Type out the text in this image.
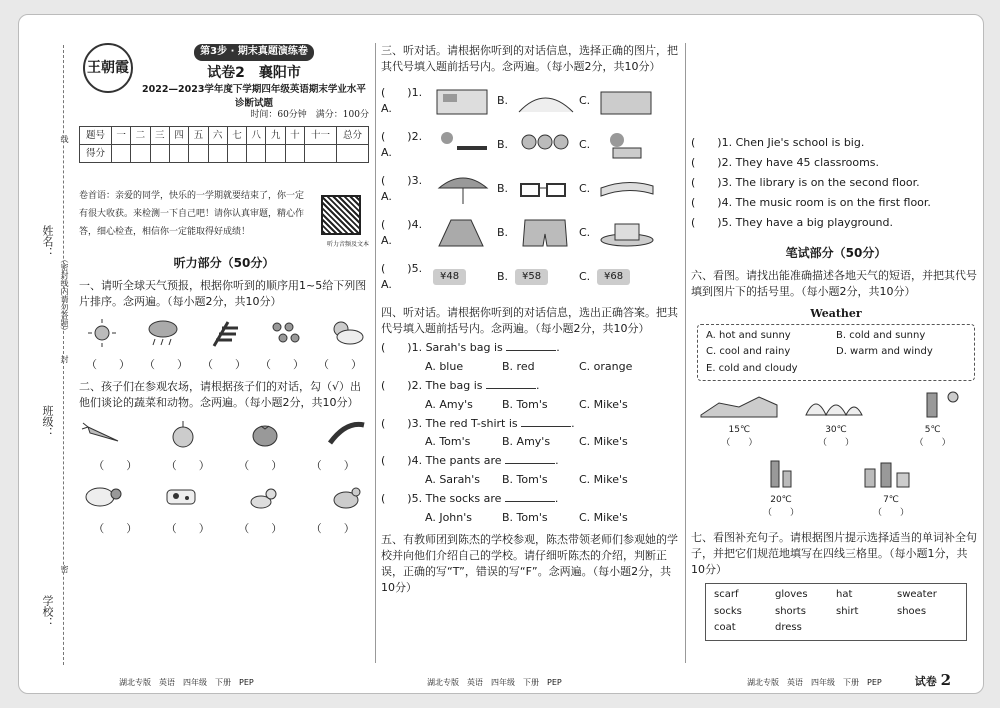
姓名：
班级：
学校：
（密封线内请勿答题）
线
封
密
王朝霞
第3步 · 期末真题演练卷
试卷2　襄阳市
2022—2023学年度下学期四年级英语期末学业水平诊断试题
时间：60分钟　满分：100分
题号	一	二	三	四	五	六	七	八	九	十	十一	总分
得分												
卷首语：亲爱的同学，快乐的一学期就要结束了，你一定有很大收获。来检测一下自己吧！请你认真审题，精心作答，细心检查，相信你一定能取得好成绩！
听力音频及文本
听力部分（50分）
一、请听全球天气预报，根据你听到的顺序用1~5给下列图片排序。念两遍。（每小题2分，共10分）
（　　） （　　） （　　） （　　） （　　）
二、孩子们在参观农场，请根据孩子们的对话，勾（√）出他们谈论的蔬菜和动物。念两遍。（每小题2分，共10分）
（　　）	（　　）	（　　）	（　　）
（　　）	（　　）	（　　）	（　　）
三、听对话。请根据你听到的对话信息，选择正确的图片，把其代号填入题前括号内。念两遍。（每小题2分，共10分）
(　　)1. A.
B.	C.
(　　)2. A.
B.	C.
(　　)3. A.
B.	C.
(　　)4. A.
B.	C.
(　　)5. A.
¥48	B.	¥58	C.	¥68
四、听对话。请根据你听到的对话信息，选出正确答案。把其代号填入题前括号内。念两遍。（每小题2分，共10分）
(　　)1. Sarah's bag is	.
A. blue	B. red	C. orange
(　　)2. The bag is	.
A. Amy's	B. Tom's	C. Mike's
(　　)3. The red T-shirt is	.
A. Tom's	B. Amy's	C. Mike's
(　　)4. The pants are	.
A. Sarah's	B. Tom's	C. Mike's
(　　)5. The socks are	.
A. John's	B. Tom's	C. Mike's
五、有教师团到陈杰的学校参观，陈杰带领老师们参观她的学校并向他们介绍自己的学校。请仔细听陈杰的介绍，判断正误，正确的写“T”，错误的写“F”。念两遍。（每小题2分，共10分）
(　　)1. Chen Jie's school is big.
(　　)2. They have 45 classrooms.
(　　)3. The library is on the second floor.
(　　)4. The music room is on the first floor.
(　　)5. They have a big playground.
笔试部分（50分）
六、看图。请找出能准确描述各地天气的短语，并把其代号填到图片下的括号里。（每小题2分，共10分）
Weather
A. hot and sunny	B. cold and sunny
C. cool and rainy	D. warm and windy
E. cold and cloudy
15℃
（　　）
30℃
（　　）
5℃
（　　）
20℃
（　　）
7℃
（　　）
七、看图补充句子。请根据图片提示选择适当的单词补全句子，并把它们规范地填写在四线三格里。（每小题1分，共10分）
scarf	gloves	hat	sweater
socks	shorts	shirt	shoes
coat	dress
湖北专版　英语　四年级　下册　PEP	湖北专版　英语　四年级　下册　PEP	湖北专版　英语　四年级　下册　PEP	试卷 2
